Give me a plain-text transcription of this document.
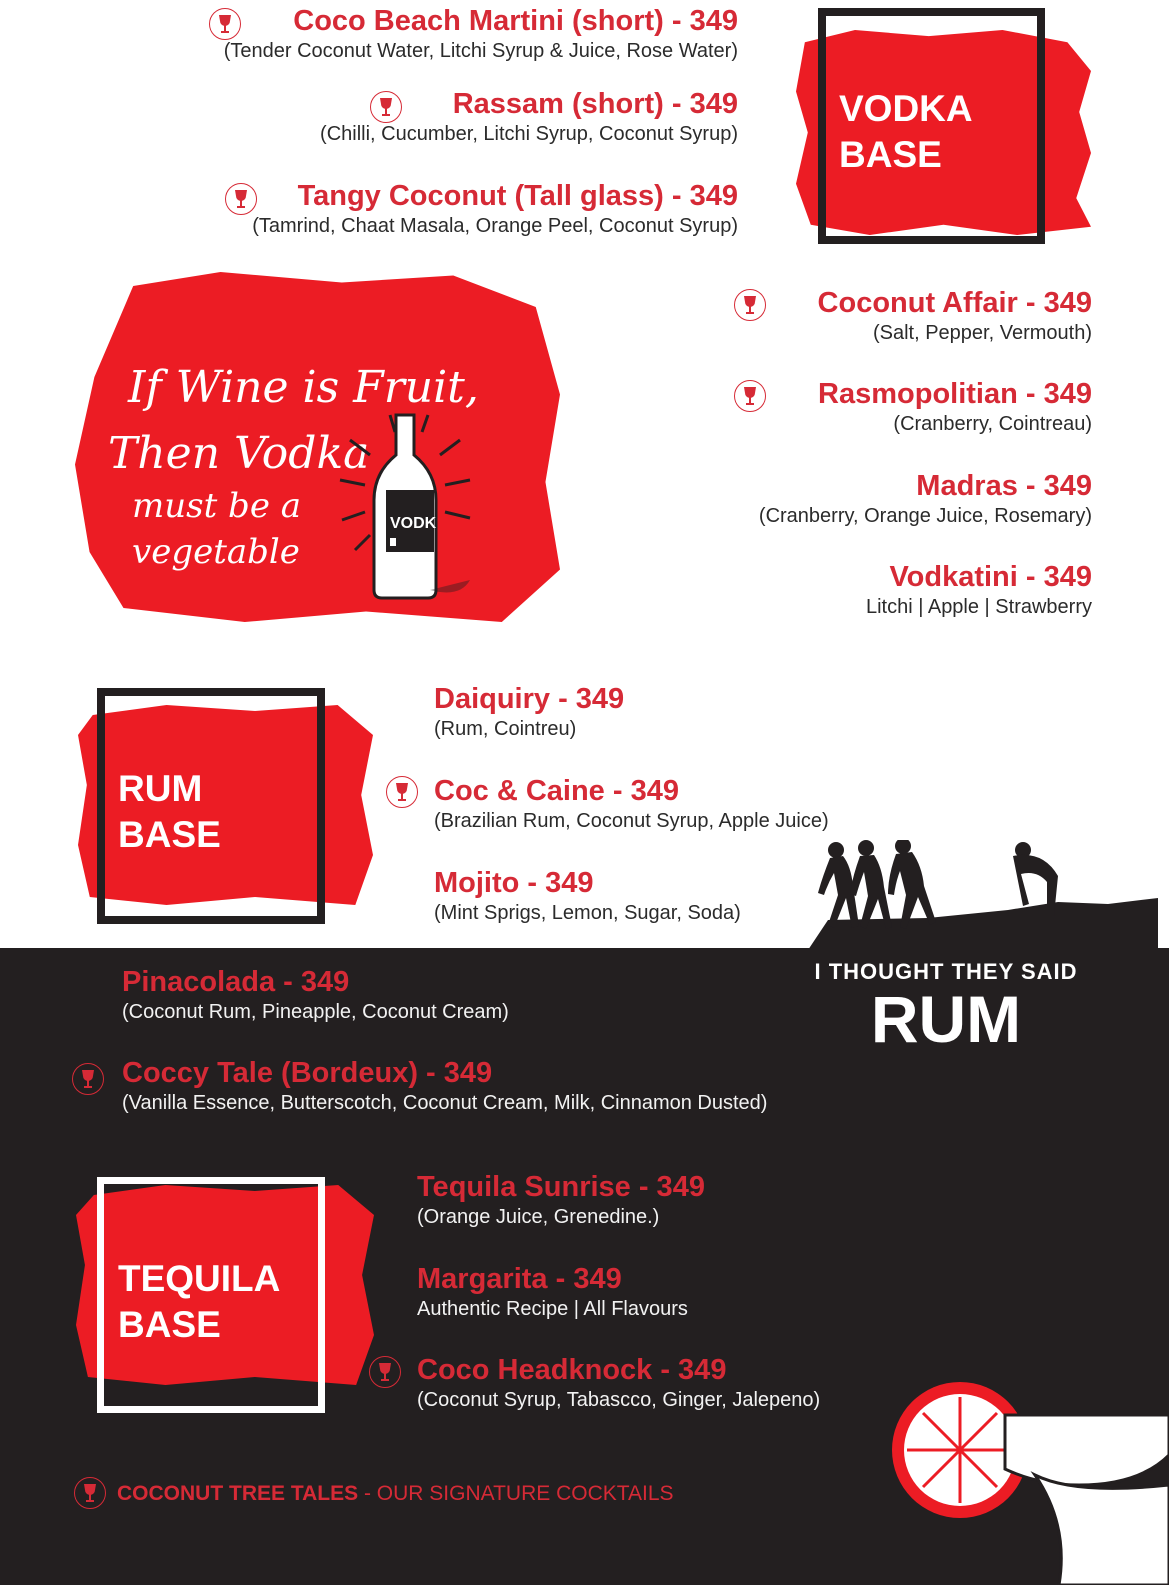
VODKA
BASE
Coco Beach Martini (short) - 349
(Tender Coconut Water, Litchi Syrup & Juice, Rose Water)
Rassam (short) - 349
(Chilli, Cucumber, Litchi Syrup, Coconut Syrup)
Tangy Coconut (Tall glass) - 349
(Tamrind, Chaat Masala, Orange Peel, Coconut Syrup)
If Wine is Fruit,
Then Vodka
must be a
vegetable
VODK
Coconut Affair - 349
(Salt, Pepper, Vermouth)
Rasmopolitian - 349
(Cranberry, Cointreau)
Madras - 349
(Cranberry, Orange Juice, Rosemary)
Vodkatini - 349
Litchi | Apple | Strawberry
RUM
BASE
Daiquiry - 349
(Rum, Cointreu)
Coc & Caine - 349
(Brazilian Rum, Coconut Syrup, Apple Juice)
Mojito - 349
(Mint Sprigs, Lemon, Sugar, Soda)
Pinacolada - 349
(Coconut Rum, Pineapple, Coconut Cream)
Coccy Tale (Bordeux) - 349
(Vanilla Essence, Butterscotch, Coconut Cream, Milk, Cinnamon Dusted)
I THOUGHT THEY SAID
RUM
TEQUILA
BASE
Tequila Sunrise - 349
(Orange Juice, Grenedine.)
Margarita - 349
Authentic Recipe | All Flavours
Coco Headknock - 349
(Coconut Syrup, Tabascco, Ginger, Jalepeno)
COCONUT TREE TALES - OUR SIGNATURE COCKTAILS
